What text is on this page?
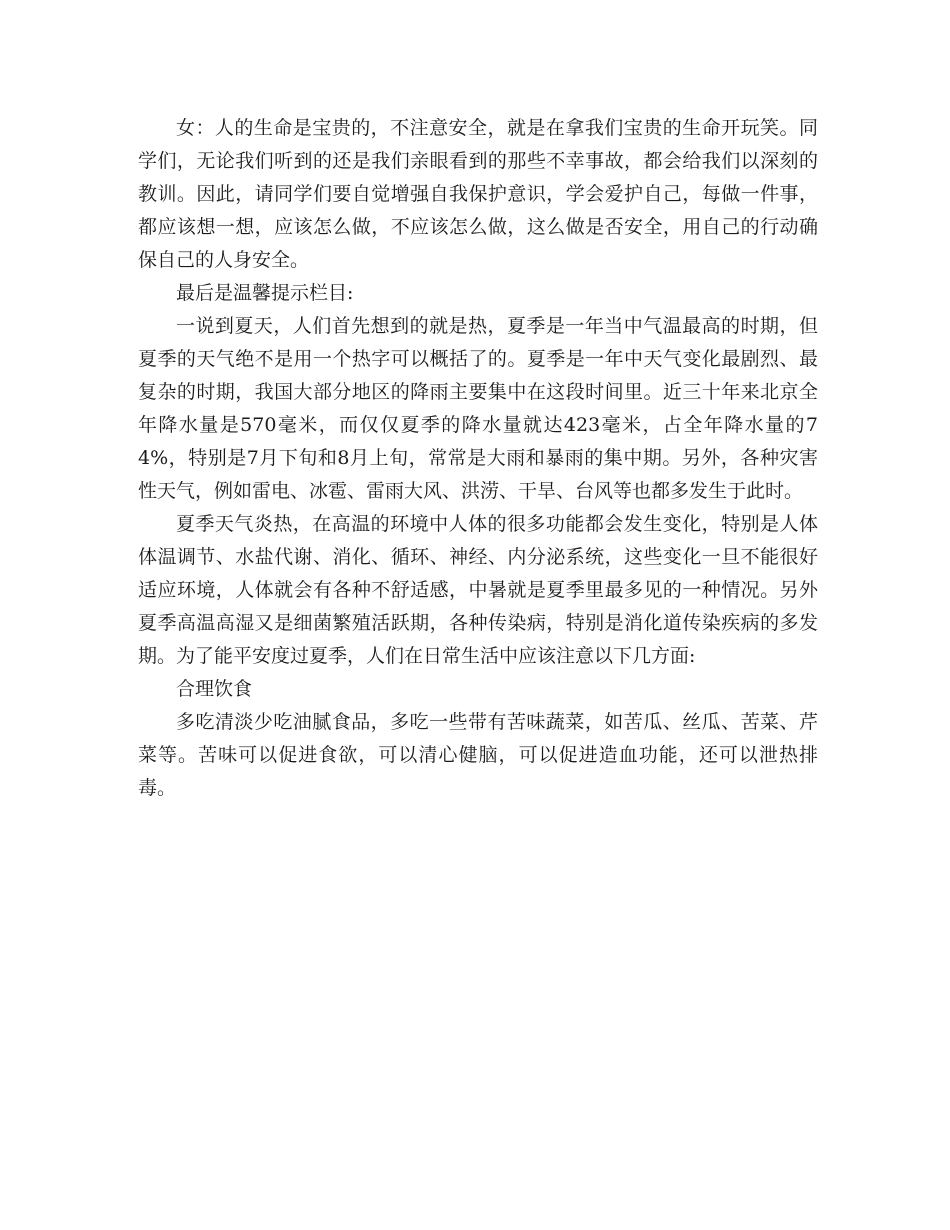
女：人的生命是宝贵的，不注意安全，就是在拿我们宝贵的生命开玩笑。同学们，无论我们听到的还是我们亲眼看到的那些不幸事故，都会给我们以深刻的教训。因此，请同学们要自觉增强自我保护意识，学会爱护自己，每做一件事，都应该想一想，应该怎么做，不应该怎么做，这么做是否安全，用自己的行动确保自己的人身安全。

最后是温馨提示栏目:

一说到夏天，人们首先想到的就是热，夏季是一年当中气温最高的时期，但夏季的天气绝不是用一个热字可以概括了的。夏季是一年中天气变化最剧烈、最复杂的时期，我国大部分地区的降雨主要集中在这段时间里。近三十年来北京全年降水量是570毫米，而仅仅夏季的降水量就达423毫米，占全年降水量的74%，特别是7月下旬和8月上旬，常常是大雨和暴雨的集中期。另外，各种灾害性天气，例如雷电、冰雹、雷雨大风、洪涝、干旱、台风等也都多发生于此时。

夏季天气炎热，在高温的环境中人体的很多功能都会发生变化，特别是人体体温调节、水盐代谢、消化、循环、神经、内分泌系统，这些变化一旦不能很好适应环境，人体就会有各种不舒适感，中暑就是夏季里最多见的一种情况。另外夏季高温高湿又是细菌繁殖活跃期，各种传染病，特别是消化道传染疾病的多发期。为了能平安度过夏季，人们在日常生活中应该注意以下几方面:

合理饮食

多吃清淡少吃油腻食品，多吃一些带有苦味蔬菜，如苦瓜、丝瓜、苦菜、芹菜等。苦味可以促进食欲，可以清心健脑，可以促进造血功能，还可以泄热排毒。
